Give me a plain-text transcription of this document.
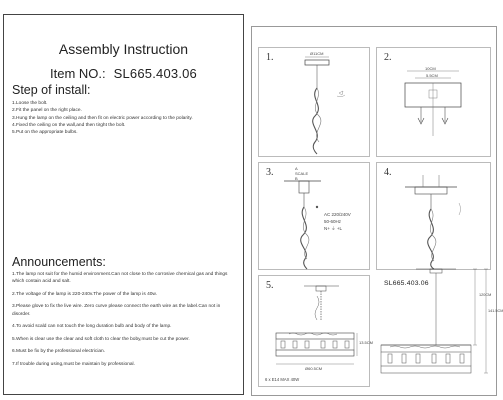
Assembly Instruction
Item NO.: SL665.403.06
Step of install:
1.Loose the bolt.
2.Fit the panel on the right place.
3.Hung the lamp on the ceiling and then fit on electric power according to the polarity.
4.Fixed the ceiling on the wall,and then tirght the bolt.
5.Put on the appropriate bulbs.
Announcements:
1.The lamp not suit for the humid environment.Can not close to the corrosive chemical gas and things which contain acid and salt.
2.The voltage of the lamp is 220-240v.The power of the lamp is 40w.
3.Please glove to fix the live wire. Zero curve please connect the earth wire as the label.Can not in disorder.
4.To avoid scald can not touch the long duration bulb and body of the lamp.
5.When is clear use the clear and soft cloth to clear the boby,must be cut the power.
6.Must be fix by the professional electrician.
7.If trouble during using,must be maintain by professional.
1.	Ø11CM	2.
10CM
5.5CM
3.	A
SCALE
B
AC 220/240V
50-60Hz
N+ ⏚ +L
4.
5.
13.5CM
Ø60.5CM
6 x E14 MAX 40W
SL665.403.06
120CM
141.5CM
